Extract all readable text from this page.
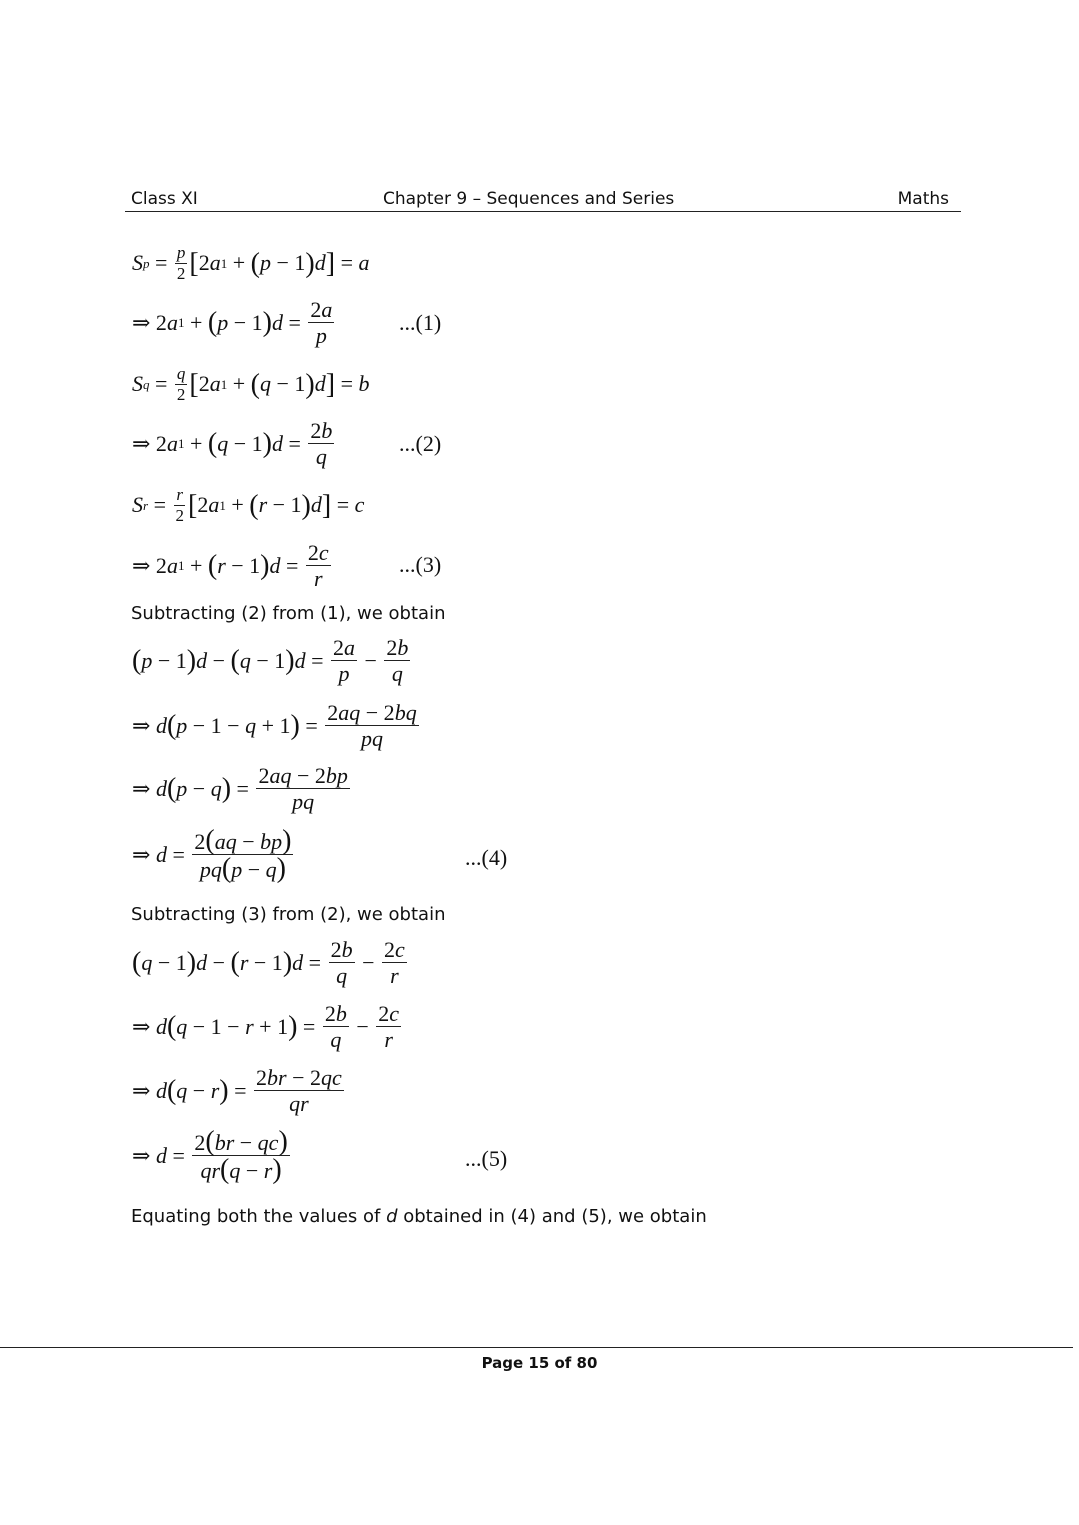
Class XI	Chapter 9 – Sequences and Series	Maths
S $p = \frac{p}{2}$ [ 2 a 1 + ( p − 1 ) d ] = a
⇒ 2 a 1 + ( p − 1 ) $d = \frac{2a}{p}$	...(1)
S $q = \frac{q}{2}$ [ 2 a 1 + ( q − 1 ) d ] = b
⇒ 2 a 1 + ( q − 1 ) $d = \frac{2b}{q}$	...(2)
S $r = \frac{r}{2}$ [ 2 a 1 + ( r − 1 ) d ] = c
⇒ 2 a 1 + ( r − 1 ) $d = \frac{2c}{r}$	...(3)
Subtracting (2) from (1), we obtain
( p − 1 ) d − ( q − 1 ) $d = \frac{2a}{p} - \frac{2b}{q}$
⇒ d ( p − 1 − q + 1 ) = $\frac{2aq - 2bq}{pq}$
⇒ d ( p − q ) = $\frac{2aq - 2bp}{pq}$
⇒ $d = \frac{2(aq - bp)}{pq(p - q)}$	...(4)
Subtracting (3) from (2), we obtain
( q − 1 ) d − ( r − 1 ) $d = \frac{2b}{q} - \frac{2c}{r}$
⇒ d ( q − 1 − r + 1 ) = $\frac{2b}{q} - \frac{2c}{r}$
⇒ d ( q − r ) = $\frac{2br - 2qc}{qr}$
⇒ $d = \frac{2(br - qc)}{qr(q - r)}$	...(5)
Equating both the values of d obtained in (4) and (5), we obtain
Page 15 of 80
